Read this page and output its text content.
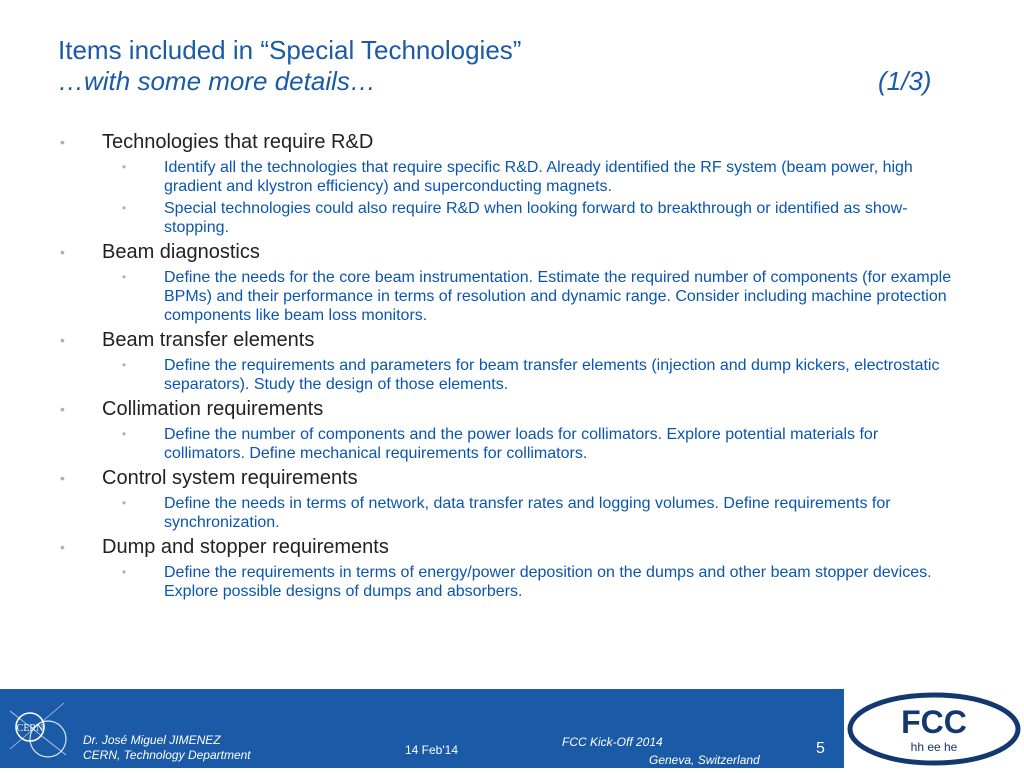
Items included in “Special Technologies”
…with some more details…	(1/3)
•	Technologies that require R&D
• Identify all the technologies that require specific R&D. Already identified the RF system (beam power, high gradient and klystron efficiency) and superconducting magnets.
• Special technologies could also require R&D when looking forward to breakthrough or identified as show-stopping.
•	Beam diagnostics
• Define the needs for the core beam instrumentation. Estimate the required number of components (for example BPMs) and their performance in terms of resolution and dynamic range. Consider including machine protection components like beam loss monitors.
•	Beam transfer elements
• Define the requirements and parameters for beam transfer elements (injection and dump kickers, electrostatic separators). Study the design of those elements.
•	Collimation requirements
• Define the number of components and the power loads for collimators. Explore potential materials for collimators. Define mechanical requirements for collimators.
•	Control system requirements
• Define the needs in terms of network, data transfer rates and logging volumes. Define requirements for synchronization.
•	Dump and stopper requirements
• Define the requirements in terms of energy/power deposition on the dumps and other beam stopper devices. Explore possible designs of dumps and absorbers.
CERN
Dr. José Miguel JIMENEZ
CERN, Technology Department	14 Feb'14
FCC Kick-Off 2014
Geneva, Switzerland
5
FCC
hh ee he
